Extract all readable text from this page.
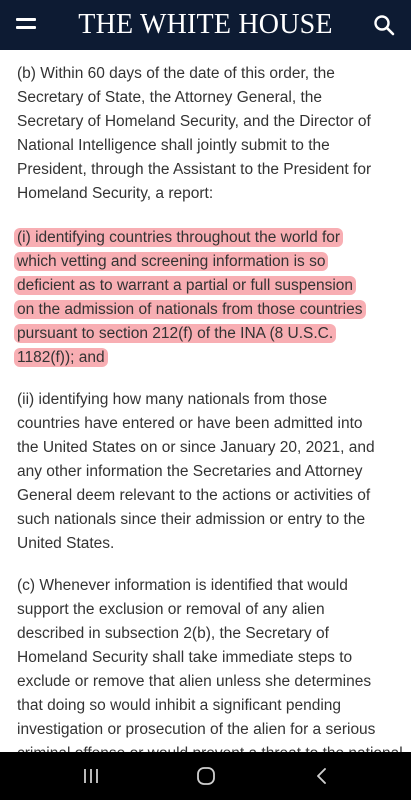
THE WHITE HOUSE
(b) Within 60 days of the date of this order, the
Secretary of State, the Attorney General, the
Secretary of Homeland Security, and the Director of
National Intelligence shall jointly submit to the
President, through the Assistant to the President for
Homeland Security, a report:
(i) identifying countries throughout the world for
which vetting and screening information is so
deficient as to warrant a partial or full suspension
on the admission of nationals from those countries
pursuant to section 212(f) of the INA (8 U.S.C.
1182(f)); and
(ii) identifying how many nationals from those
countries have entered or have been admitted into
the United States on or since January 20, 2021, and
any other information the Secretaries and Attorney
General deem relevant to the actions or activities of
such nationals since their admission or entry to the
United States.
(c) Whenever information is identified that would
support the exclusion or removal of any alien
described in subsection 2(b), the Secretary of
Homeland Security shall take immediate steps to
exclude or remove that alien unless she determines
that doing so would inhibit a significant pending
investigation or prosecution of the alien for a serious
